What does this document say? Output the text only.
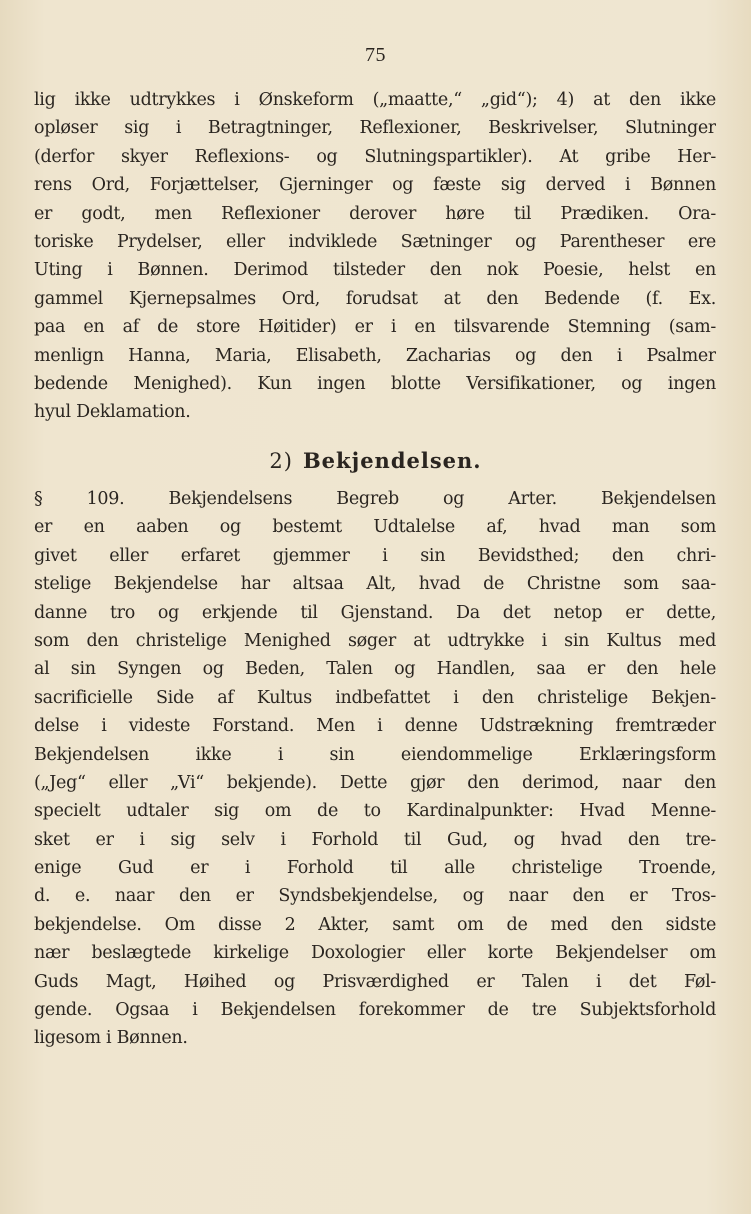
75
lig ikke udtrykkes i Ønskeform („maatte,“ „gid“); 4) at den ikke
opløser sig i Betragtninger, Reflexioner, Beskrivelser, Slutninger
(derfor skyer Reflexions- og Slutningspartikler). At gribe Her-
rens Ord, Forjættelser, Gjerninger og fæste sig derved i Bønnen
er godt, men Reflexioner derover høre til Prædiken. Ora-
toriske Prydelser, eller indviklede Sætninger og Parentheser ere
Uting i Bønnen. Derimod tilsteder den nok Poesie, helst en
gammel Kjernepsalmes Ord, forudsat at den Bedende (f. Ex.
paa en af de store Høitider) er i en tilsvarende Stemning (sam-
menlign Hanna, Maria, Elisabeth, Zacharias og den i Psalmer
bedende Menighed). Kun ingen blotte Versifikationer, og ingen
hyul Deklamation.
2) Bekjendelsen.
§ 109. Bekjendelsens Begreb og Arter. Bekjendelsen
er en aaben og bestemt Udtalelse af, hvad man som
givet eller erfaret gjemmer i sin Bevidsthed; den chri-
stelige Bekjendelse har altsaa Alt, hvad de Christne som saa-
danne tro og erkjende til Gjenstand. Da det netop er dette,
som den christelige Menighed søger at udtrykke i sin Kultus med
al sin Syngen og Beden, Talen og Handlen, saa er den hele
sacrificielle Side af Kultus indbefattet i den christelige Bekjen-
delse i videste Forstand. Men i denne Udstrækning fremtræder
Bekjendelsen ikke i sin eiendommelige Erklæringsform
(„Jeg“ eller „Vi“ bekjende). Dette gjør den derimod, naar den
specielt udtaler sig om de to Kardinalpunkter: Hvad Menne-
sket er i sig selv i Forhold til Gud, og hvad den tre-
enige Gud er i Forhold til alle christelige Troende,
d. e. naar den er Syndsbekjendelse, og naar den er Tros-
bekjendelse. Om disse 2 Akter, samt om de med den sidste
nær beslægtede kirkelige Doxologier eller korte Bekjendelser om
Guds Magt, Høihed og Prisværdighed er Talen i det Føl-
gende. Ogsaa i Bekjendelsen forekommer de tre Subjektsforhold
ligesom i Bønnen.
